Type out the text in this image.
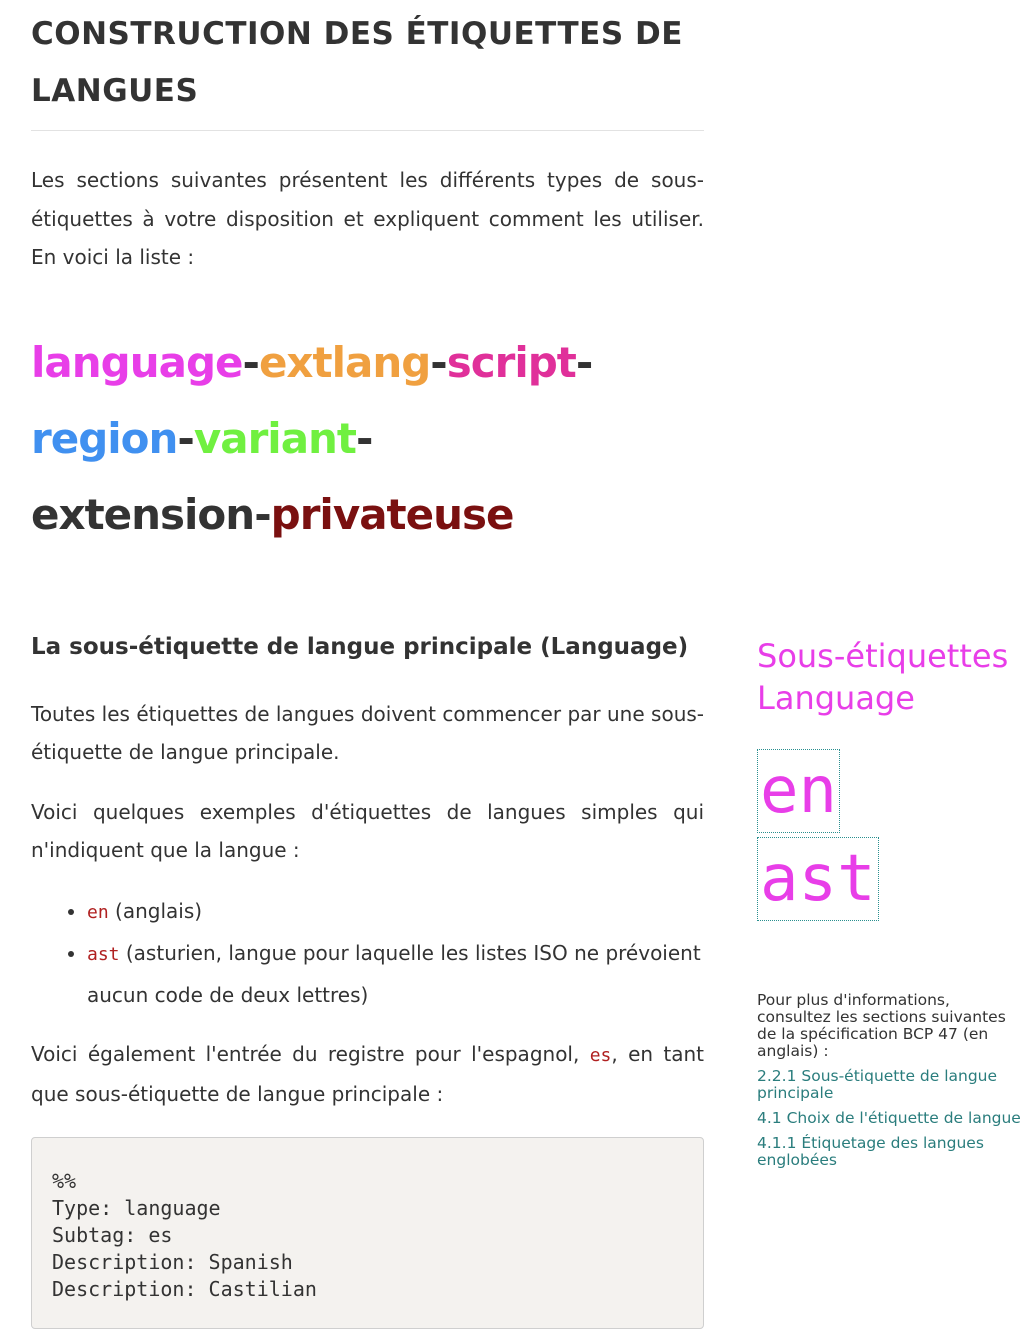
CONSTRUCTION DES ÉTIQUETTES DE LANGUES

Les sections suivantes présentent les différents types de sous-étiquettes à votre disposition et expliquent comment les utiliser. En voici la liste :

language-extlang-script-region-variant-
extension-privateuse
La sous-étiquette de langue principale (Language)

Toutes les étiquettes de langues doivent commencer par une sous-étiquette de langue principale.

Voici quelques exemples d'étiquettes de langues simples qui n'indiquent que la langue :

• en (anglais)
• ast (asturien, langue pour laquelle les listes ISO ne prévoient aucun code de deux lettres)

Voici également l'entrée du registre pour l'espagnol, es, en tant que sous-étiquette de langue principale :

%%
Type: language
Subtag: es
Description: Spanish
Description: Castilian
Sous-étiquettes Language
en
ast
Pour plus d'informations, consultez les sections suivantes de la spécification BCP 47 (en anglais) :
2.2.1 Sous-étiquette de langue principale
4.1 Choix de l'étiquette de langue
4.1.1 Étiquetage des langues englobées
